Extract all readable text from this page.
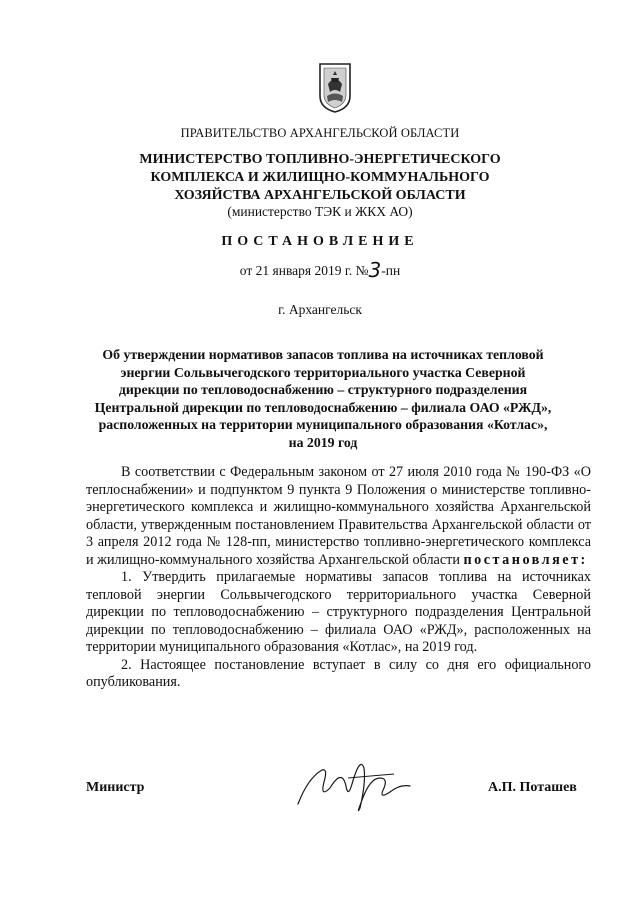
ПРАВИТЕЛЬСТВО АРХАНГЕЛЬСКОЙ ОБЛАСТИ
МИНИСТЕРСТВО ТОПЛИВНО-ЭНЕРГЕТИЧЕСКОГО
КОМПЛЕКСА И ЖИЛИЩНО-КОММУНАЛЬНОГО
ХОЗЯЙСТВА АРХАНГЕЛЬСКОЙ ОБЛАСТИ
(министерство ТЭК и ЖКХ АО)
ПОСТАНОВЛЕНИЕ
от 21 января 2019 г. №3-пн
г. Архангельск
Об утверждении нормативов запасов топлива на источниках тепловой
энергии Сольвычегодского территориального участка Северной
дирекции по тепловодоснабжению – структурного подразделения
Центральной дирекции по тепловодоснабжению – филиала ОАО «РЖД»,
расположенных на территории муниципального образования «Котлас»,
на 2019 год

В соответствии с Федеральным законом от 27 июля 2010 года № 190-ФЗ «О теплоснабжении» и подпунктом 9 пункта 9 Положения о министерстве топливно-энергетического комплекса и жилищно-коммунального хозяйства Архангельской области, утвержденным постановлением Правительства Архангельской области от 3 апреля 2012 года № 128-пп, министерство топливно-энергетического комплекса и жилищно-коммунального хозяйства Архангельской области постановляет:

1. Утвердить прилагаемые нормативы запасов топлива на источниках тепловой энергии Сольвычегодского территориального участка Северной дирекции по тепловодоснабжению – структурного подразделения Центральной дирекции по тепловодоснабжению – филиала ОАО «РЖД», расположенных на территории муниципального образования «Котлас», на 2019 год.

2. Настоящее постановление вступает в силу со дня его официального опубликования.

Министр	А.П. Поташев
